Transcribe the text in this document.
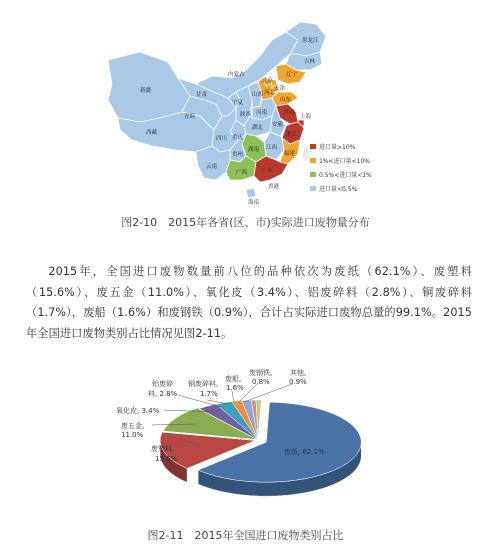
黑龙江
吉林
辽宁
内蒙古
新疆
甘肃
青海
西藏
宁夏
陕西
山西 河北
北京
天津
山东
河南	江苏
安徽
上海
湖北
四川 重庆	浙江
湖南 江西
贵州	福建
云南
广西	广东
海南
香港
进口量>10%
1%<进口量<10%
0.5%<进口量<1%
进口量<0.5%
图2-10　2015年各省(区、市)实际进口废物量分布

2015年，全国进口废物数量前八位的品种依次为废纸（62.1%）、废塑料（15.6%）、废五金（11.0%）、氧化皮（3.4%）、铝废碎料（2.8%）、铜废碎料（1.7%），废船（1.6%）和废钢铁（0.9%），合计占实际进口废物总量的99.1%。2015年全国进口废物类别占比情况见图2-11。

废纸, 62.1%
废塑料,
15.6%
废五金,
11.0%
氧化皮, 3.4%
铝废碎
料, 2.8%
铜废碎料,
1.7%
废船,
1.6%
废钢铁,
0.8%
其他,
0.9%
图2-11　2015年全国进口废物类别占比
